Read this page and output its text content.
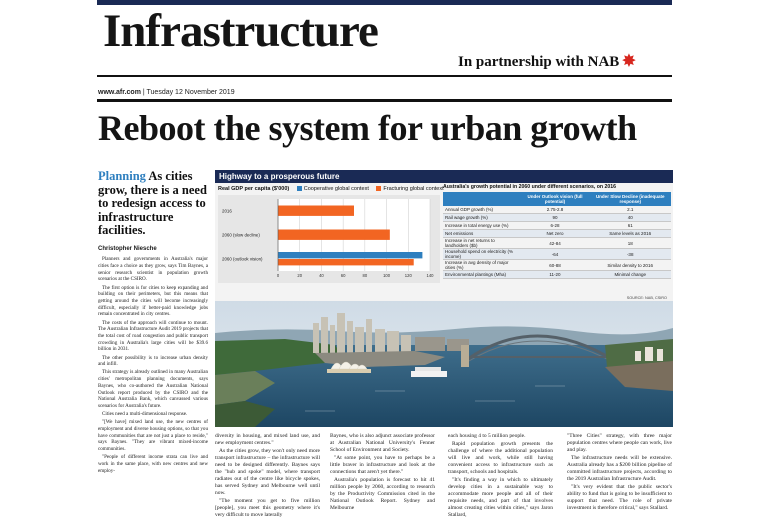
Infrastructure
In partnership with NAB ✸
www.afr.com | Tuesday 12 November 2019
Reboot the system for urban growth
Planning As cities grow, there is a need to redesign access to infrastructure facilities.
Christopher Niesche

Planners and governments in Australia's major cities face a choice as they grow, says Tim Baynes, a senior research scientist in population growth scenarios at the CSIRO.

The first option is for cities to keep expanding and building on their perimeters, but this means that getting around the cities will become increasingly difficult, especially if better-paid knowledge jobs remain concentrated in city centres.

The costs of the approach will continue to mount. The Australian Infrastructure Audit 2019 projects that the total cost of road congestion and public transport crowding in Australia's large cities will be $39.6 billion in 2031.

The other possibility is to increase urban density and infill.

This strategy is already outlined in many Australian cities' metropolitan planning documents, says Baynes, who co-authored the Australian National Outlook report produced by the CSIRO and the National Australia Bank, which canvassed various scenarios for Australia's future.

Cities need a multi-dimensional response.

"[We have] mixed land use, the new centres of employment and diverse housing options, so that you have communities that are not just a place to reside," says Baynes. "They are vibrant mixed-income communities.

"People of different income strata can live and work in the same place, with new centres and new employ-

Highway to a prosperous future
Real GDP per capita ($'000)	Cooperative global context	Fracturing global context
0	20	40	60	80	100	120	140
2016
2060 (slow decline)
2060 (outlook vision)
Australia's growth potential in 2060 under different scenarios, on 2016
	Under Outlook vision (full potential)	Under Slow Decline (inadequate response)
Annual GDP growth (%)	2.75-2.8	2.1
Rail wage growth (%)	90	40
Increase in total energy use (%)	6-28	61
Net emissions	Net zero	Same levels as 2016
Increase in net returns to landholders ($b)	42-84	18
Household spend on electricity (% income)	-64	-38
Increase in avg density of major cities (%)	60-88	Similar density to 2016
Environmental plantings (Mha)	11-20	Minimal change
SOURCE: NAB, CSIRO

diversity in housing, and mixed land use, and new employment centres."

As the cities grow, they won't only need more transport infrastructure – the infrastructure will need to be designed differently. Baynes says the "hub and spoke" model, where transport radiates out of the centre like bicycle spokes, has served Sydney and Melbourne well until now.

"The moment you get to five million [people], you meet this geometry where it's very difficult to move laterally

Baynes, who is also adjunct associate professor at Australian National University's Fenner School of Environment and Society.

"At some point, you have to perhaps be a little braver in infrastructure and look at the connections that aren't yet there."

Australia's population is forecast to hit 41 million people by 2060, according to research by the Productivity Commission cited in the National Outlook Report. Sydney and Melbourne

each housing 4 to 5 million people.

Rapid population growth presents the challenge of where the additional population will live and work, while still having convenient access to infrastructure such as transport, schools and hospitals.

"It's finding a way in which to ultimately develop cities in a sustainable way to accommodate more people and all of their requisite needs, and part of that involves almost creating cities within cities," says Jaron Stallard,

"Three Cities" strategy, with three major population centres where people can work, live and play.

The infrastructure needs will be extensive. Australia already has a $200 billion pipeline of committed infrastructure projects, according to the 2019 Australian Infrastructure Audit.

"It's very evident that the public sector's ability to fund that is going to be insufficient to support that need. The role of private investment is therefore critical," says Stallard.
